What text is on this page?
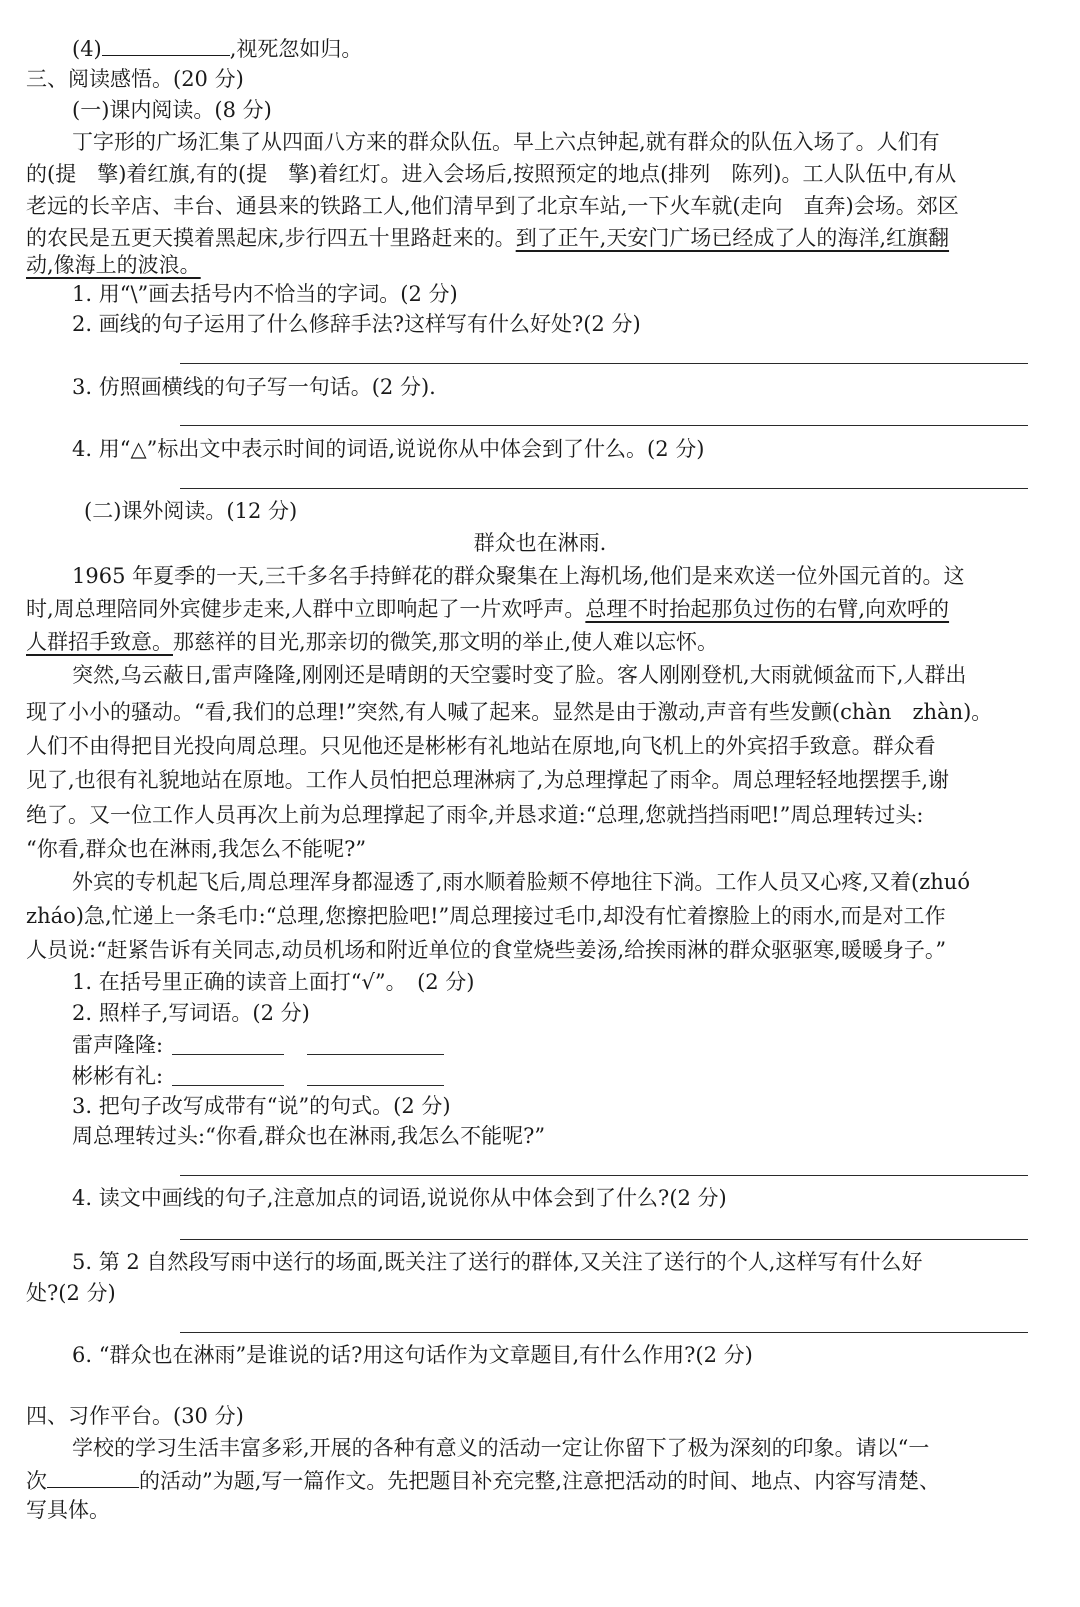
(4)	,视死忽如归。
三、阅读感悟。(20 分)
(一)课内阅读。(8 分)
丁字形的广场汇集了从四面八方来的群众队伍。早上六点钟起,就有群众的队伍入场了。人们有
的(提　擎)着红旗,有的(提　擎)着红灯。进入会场后,按照预定的地点(排列　陈列)。工人队伍中,有从
老远的长辛店、丰台、通县来的铁路工人,他们清早到了北京车站,一下火车就(走向　直奔)会场。郊区
的农民是五更天摸着黑起床,步行四五十里路赶来的。到了正午,天安门广场已经成了人的海洋,红旗翻
动,像海上的波浪。
1. 用“\”画去括号内不恰当的字词。(2 分)
2. 画线的句子运用了什么修辞手法?这样写有什么好处?(2 分)
3. 仿照画横线的句子写一句话。(2 分).
4. 用“△”标出文中表示时间的词语,说说你从中体会到了什么。(2 分)
(二)课外阅读。(12 分)
群众也在淋雨.
1965 年夏季的一天,三千多名手持鲜花的群众聚集在上海机场,他们是来欢送一位外国元首的。这
时,周总理陪同外宾健步走来,人群中立即响起了一片欢呼声。总理不时抬起那负过伤的右臂,向欢呼的
人群招手致意。那慈祥的目光,那亲切的微笑,那文明的举止,使人难以忘怀。
突然,乌云蔽日,雷声隆隆,刚刚还是晴朗的天空霎时变了脸。客人刚刚登机,大雨就倾盆而下,人群出
现了小小的骚动。“看,我们的总理!”突然,有人喊了起来。显然是由于激动,声音有些发颤(chàn　zhàn)。
人们不由得把目光投向周总理。只见他还是彬彬有礼地站在原地,向飞机上的外宾招手致意。群众看
见了,也很有礼貌地站在原地。工作人员怕把总理淋病了,为总理撑起了雨伞。周总理轻轻地摆摆手,谢
绝了。又一位工作人员再次上前为总理撑起了雨伞,并恳求道:“总理,您就挡挡雨吧!”周总理转过头:
“你看,群众也在淋雨,我怎么不能呢?”
外宾的专机起飞后,周总理浑身都湿透了,雨水顺着脸颊不停地往下淌。工作人员又心疼,又着(zhuó
zháo)急,忙递上一条毛巾:“总理,您擦把脸吧!”周总理接过毛巾,却没有忙着擦脸上的雨水,而是对工作
人员说:“赶紧告诉有关同志,动员机场和附近单位的食堂烧些姜汤,给挨雨淋的群众驱驱寒,暖暖身子。”
1. 在括号里正确的读音上面打“√”。　(2 分)
2. 照样子,写词语。(2 分)
雷声隆隆:
彬彬有礼:
3. 把句子改写成带有“说”的句式。(2 分)
周总理转过头:“你看,群众也在淋雨,我怎么不能呢?”
4. 读文中画线的句子,注意加点的词语,说说你从中体会到了什么?(2 分)
5. 第 2 自然段写雨中送行的场面,既关注了送行的群体,又关注了送行的个人,这样写有什么好
处?(2 分)
6. “群众也在淋雨”是谁说的话?用这句话作为文章题目,有什么作用?(2 分)
四、习作平台。(30 分)
学校的学习生活丰富多彩,开展的各种有意义的活动一定让你留下了极为深刻的印象。请以“一
次	的活动”为题,写一篇作文。先把题目补充完整,注意把活动的时间、地点、内容写清楚、
写具体。
